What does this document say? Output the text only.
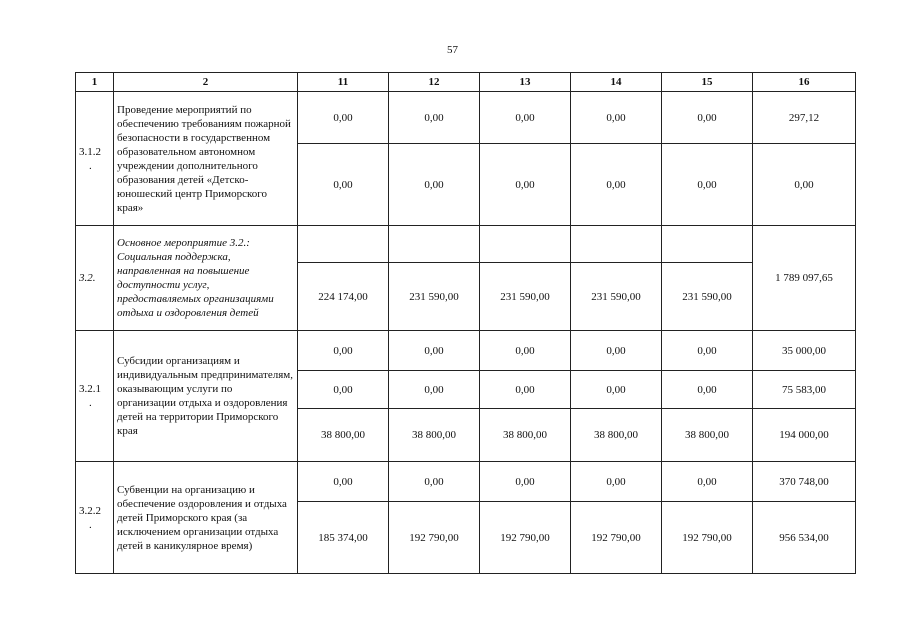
57
1	2	11	12	13	14	15	16
3.1.2
.	Проведение мероприятий по обеспечению требованиям пожарной безопасности в государственном образовательном автономном учреждении дополнительного образования детей «Детско-юношеский центр Приморского края»	0,00	0,00	0,00	0,00	0,00	297,12
		0,00	0,00	0,00	0,00	0,00	0,00
3.2.	Основное мероприятие 3.2.: Социальная поддержка, направленная на повышение доступности услуг, предоставляемых организациями отдыха и оздоровления детей						1 789 097,65
		224 174,00	231 590,00	231 590,00	231 590,00	231 590,00	
3.2.1
.	Субсидии организациям и индивидуальным предпринимателям, оказывающим услуги по организации отдыха и оздоровления детей на территории Приморского края	0,00	0,00	0,00	0,00	0,00	35 000,00
		0,00	0,00	0,00	0,00	0,00	75 583,00
		38 800,00	38 800,00	38 800,00	38 800,00	38 800,00	194 000,00
3.2.2
.	Субвенции на организацию и обеспечение оздоровления и отдыха детей Приморского края (за исключением организации отдыха детей в каникулярное время)	0,00	0,00	0,00	0,00	0,00	370 748,00
		185 374,00	192 790,00	192 790,00	192 790,00	192 790,00	956 534,00
